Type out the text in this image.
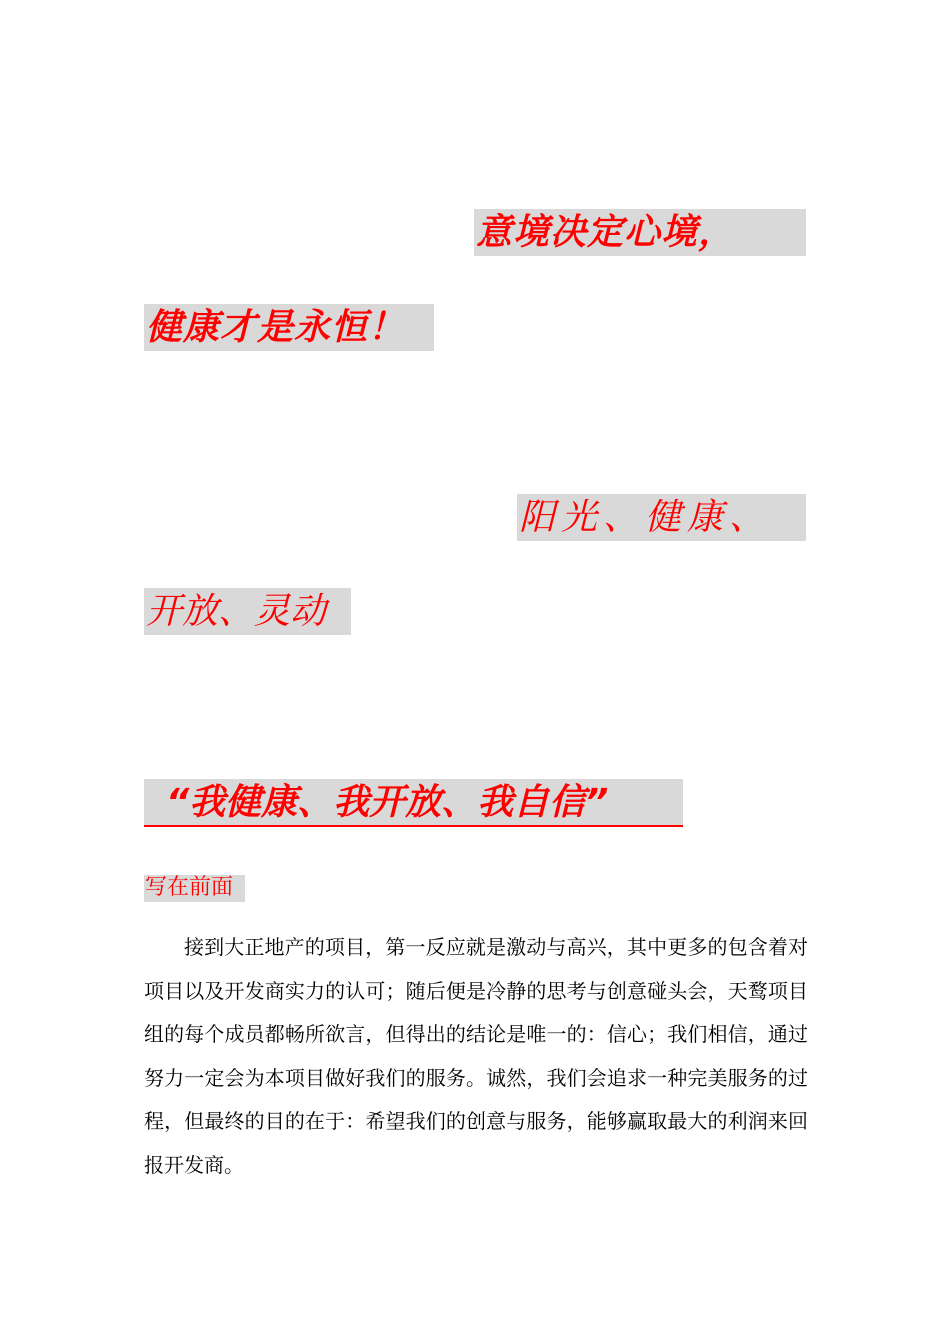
意境决定心境，
健康才是永恒！
阳光、健康、
开放、灵动
“我健康、我开放、我自信”
写在前面

接到大正地产的项目，第一反应就是激动与高兴，其中更多的包含着对项目以及开发商实力的认可；随后便是冷静的思考与创意碰头会，天鹜项目组的每个成员都畅所欲言，但得出的结论是唯一的：信心；我们相信，通过努力一定会为本项目做好我们的服务。诚然，我们会追求一种完美服务的过程，但最终的目的在于：希望我们的创意与服务，能够赢取最大的利润来回报开发商。
